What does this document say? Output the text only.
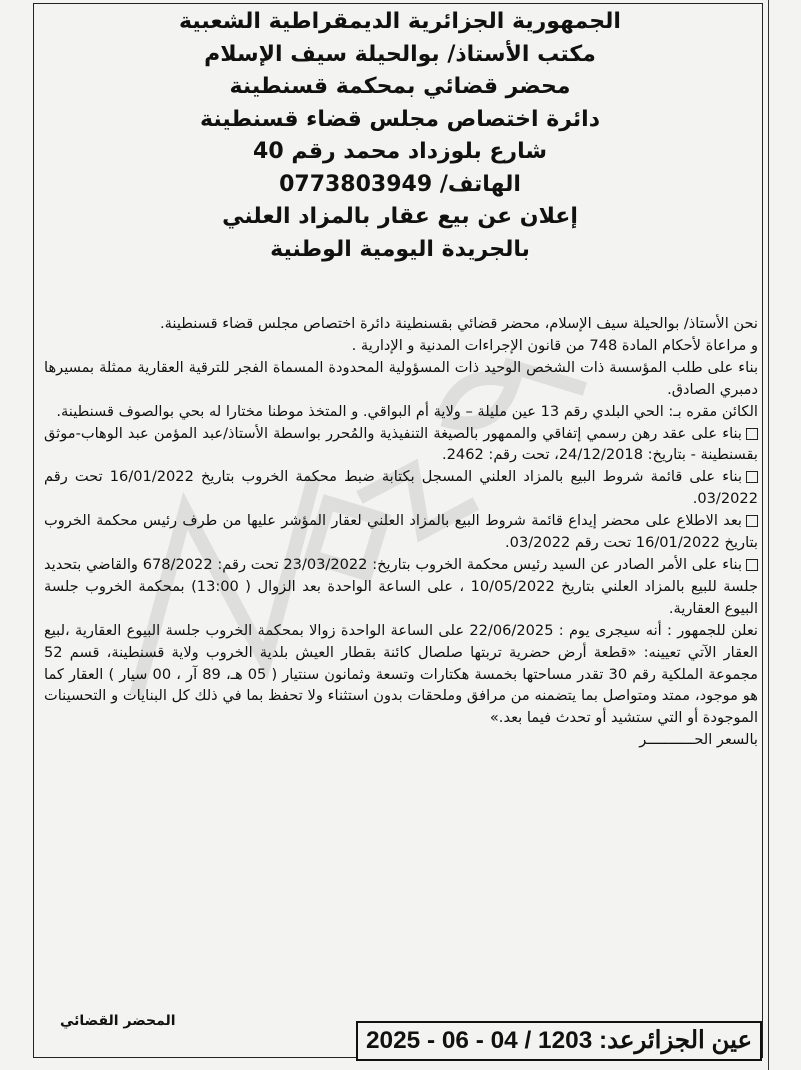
الجمهورية الجزائرية الديمقراطية الشعبية
مكتب الأستاذ/ بوالحيلة سيف الإسلام
محضر قضائي بمحكمة قسنطينة
دائرة اختصاص مجلس قضاء قسنطينة
شارع بلوزداد محمد رقم 40
الهاتف/ 0773803949
إعلان عن بيع عقار بالمزاد العلني
بالجريدة اليومية الوطنية

نحن الأستاذ/ بوالحيلة سيف الإسلام، محضر قضائي بقسنطينة دائرة اختصاص مجلس قضاء قسنطينة.

و مراعاة لأحكام المادة 748 من قانون الإجراءات المدنية و الإدارية .

بناء على طلب المؤسسة ذات الشخص الوحيد ذات المسؤولية المحدودة المسماة الفجر للترقية العقارية ممثلة بمسيرها دمبري الصادق.

الكائن مقره بـ: الحي البلدي رقم 13 عين مليلة – ولاية أم البواقي. و المتخذ موطنا مختارا له بحي بوالصوف قسنطينة.

بناء على عقد رهن رسمي إتفاقي والممهور بالصيغة التنفيذية والمُحرر بواسطة الأستاذ/عبد المؤمن عبد الوهاب-موثق بقسنطينة - بتاريخ: 24/12/2018، تحت رقم: 2462.

بناء على قائمة شروط البيع بالمزاد العلني المسجل بكتابة ضبط محكمة الخروب بتاريخ 16/01/2022 تحت رقم 03/2022.

بعد الاطلاع على محضر إيداع قائمة شروط البيع بالمزاد العلني لعقار المؤشر عليها من طرف رئيس محكمة الخروب بتاريخ 16/01/2022 تحت رقم 03/2022.

بناء على الأمر الصادر عن السيد رئيس محكمة الخروب بتاريخ: 23/03/2022 تحت رقم: 678/2022 والقاضي بتحديد جلسة للبيع بالمزاد العلني بتاريخ 10/05/2022 ، على الساعة الواحدة بعد الزوال ( 13:00) بمحكمة الخروب جلسة البيوع العقارية.

نعلن للجمهور : أنه سيجرى يوم : 22/06/2025 على الساعة الواحدة زوالا بمحكمة الخروب جلسة البيوع العقارية ،لبيع العقار الآتي تعيينه: «قطعة أرض حضرية تربتها صلصال كائنة بقطار العيش بلدية الخروب ولاية قسنطينة، قسم 52 مجموعة الملكية رقم 30 تقدر مساحتها بخمسة هكتارات وتسعة وثمانون سنتيار ( 05 هـ، 89 آر ، 00 سيار ) العقار كما هو موجود، ممتد ومتواصل بما يتضمنه من مرافق وملحقات بدون استثناء ولا تحفظ بما في ذلك كل البنايات و التحسينات الموجودة أو التي ستشيد أو تحدث فيما بعد.»

بالسعر الحـــــــــــر

المحضر القضائي
عين الجزائرعد: 1203 / 04 - 06 - 2025
